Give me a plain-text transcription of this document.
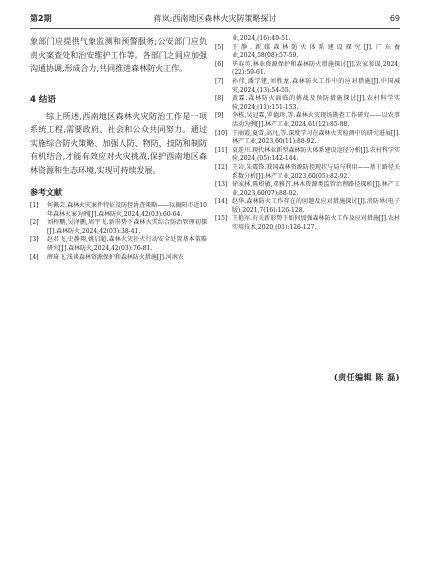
第2期	蒋岚:西南地区森林火灾防策略探讨	69

象部门应提供气象监测和预警服务;公安部门应负责火案查处和治安维护工作等。各部门之间应加强沟通协调,形成合力,共同推进森林防火工作。

4 结语

综上所述,西南地区森林火灾防治工作是一项系统工程,需要政府、社会和公众共同努力。通过实施综合防火策略、加强人防、物防、技防和制防有机结合,才能有效应对火灾挑战,保护西南地区森林资源和生态环境,实现可持续发展。

参考文献
[1]	何佩芸.森林火灾案件特征及防控协查策略——以揭阳市近10年森林火案为例[J].森林防火,2024,42(03):60-64.
[2]	刘梓鹏,吴泽鹏,周宇飞.新形势下森林火灾综合防治管理初探[J].森林防火,2024,42(03):38-41.
[3]	赵君飞,史静翔,姚启超.森林火灾扑火行动安全处置基本策略研究[J].森林防火,2024,42(03):76-81.
[4]	薛琦飞.浅谈森林资源保护和森林防火措施[J].河南农
业,2024,(16):49-51.
[5]	王静.新媒森林防火体系建设探究[J].广东蚕业,2024,58(08):57-59.
[6]	毕春英.林业资源保护和森林防火措施探讨[J].农家参谋,2024,(22):59-61.
[7]	孙伟,潘学建,刘胜龙.森林防火工作中的应对措施[J].中国减灾,2024,(13):54-55.
[8]	黄霖.森林防火面临的挑战及预防措施探讨[J].农村科学实验,2024,(11):151-153.
[9]	李栋,吴冠霖,罗德珍,等.森林火灾现场勘查工作研究——以农事活动为例[J].林产工业,2024,61(12):85-88.
[10] 王丽霞,夏雪,高凡,等.深度学习在森林火灾检测中的研究进展[J].林产工业,2023,60(11):88-92.
[11] 袁连川.现代林业新型森林防火体系建设途径分析[J].农村科学实验,2024,(05):142-144.
[12] 王岩,朱震锋.我国森林资源防控现状与局与利用——基于路径关系数分析[J].林产工业,2023,60(05):82-92.
[13] 徐家林,陈积敏,邓雅召.林木资源类监管治理路径探析[J].林产工业,2023,60(07):88-92.
[14] 赵华.森林防火工作存在的问题及应对措施探讨[J].消防界(电子版),2021,7(16):126-128.
[15] 王艳军.有关新形势下如何加强森林防火工作及应对措施[J].农村实用技术,2020,(01):126-127.
(责任编辑 陈 磊)
